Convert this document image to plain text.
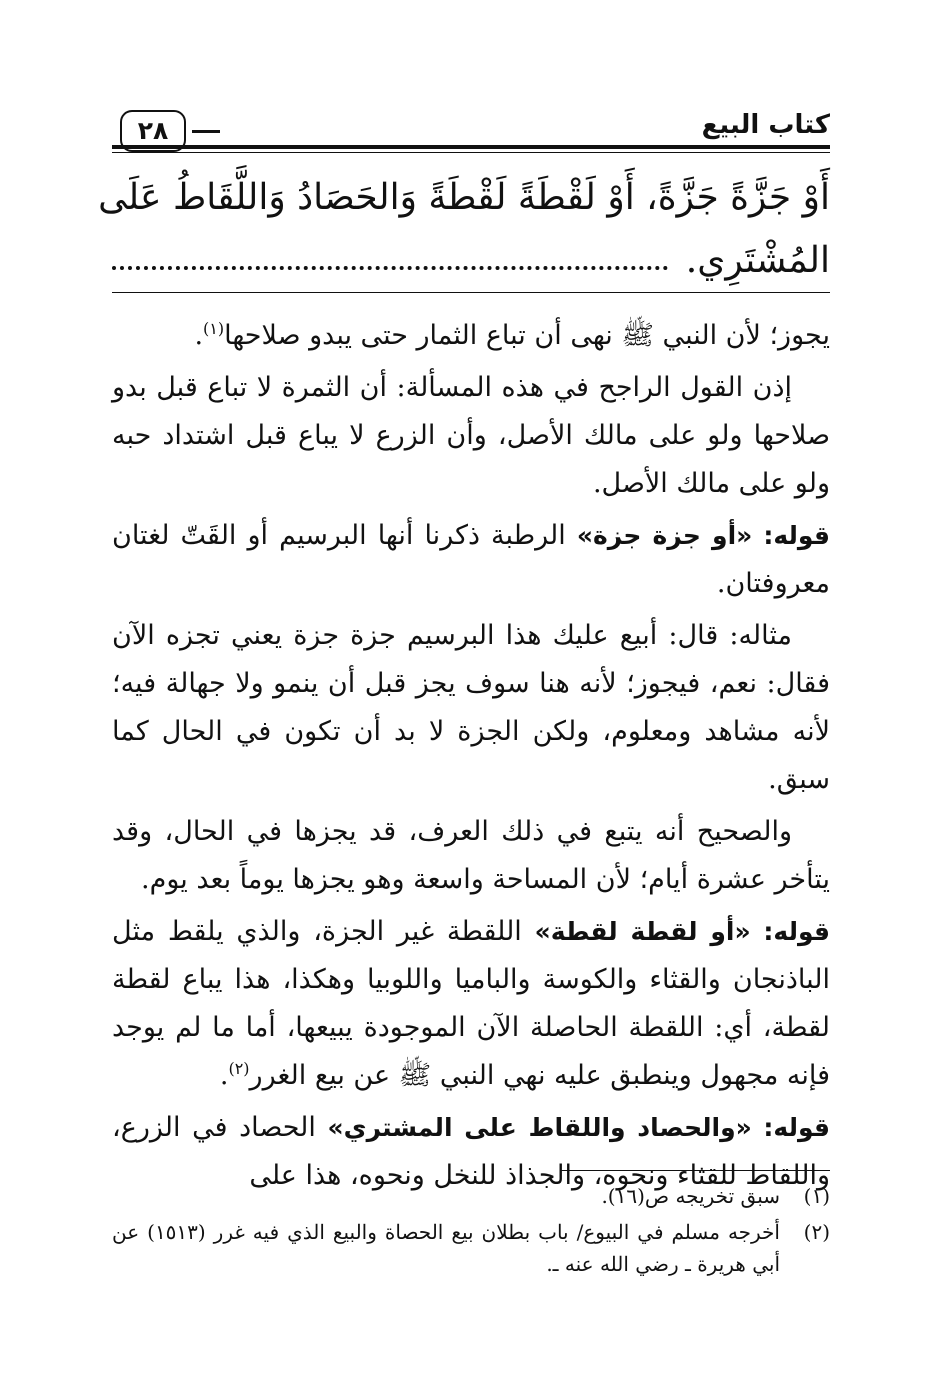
كتاب البيع
٢٨
أَوْ جَزَّةً جَزَّةً، أَوْ لَقْطَةً لَقْطَةً وَالحَصَادُ وَاللَّقَاطُ عَلَى
المُشْتَرِي.

يجوز؛ لأن النبي ﷺ نهى أن تباع الثمار حتى يبدو صلاحها$^{(١)}$.

إذن القول الراجح في هذه المسألة: أن الثمرة لا تباع قبل بدو صلاحها ولو على مالك الأصل، وأن الزرع لا يباع قبل اشتداد حبه ولو على مالك الأصل.

قوله: «أو جزة جزة» الرطبة ذكرنا أنها البرسيم أو القَتّ لغتان معروفتان.

مثاله: قال: أبيع عليك هذا البرسيم جزة جزة يعني تجزه الآن فقال: نعم، فيجوز؛ لأنه هنا سوف يجز قبل أن ينمو ولا جهالة فيه؛ لأنه مشاهد ومعلوم، ولكن الجزة لا بد أن تكون في الحال كما سبق.

والصحيح أنه يتبع في ذلك العرف، قد يجزها في الحال، وقد يتأخر عشرة أيام؛ لأن المساحة واسعة وهو يجزها يوماً بعد يوم.

قوله: «أو لقطة لقطة» اللقطة غير الجزة، والذي يلقط مثل الباذنجان والقثاء والكوسة والباميا واللوبيا وهكذا، هذا يباع لقطة لقطة، أي: اللقطة الحاصلة الآن الموجودة يبيعها، أما ما لم يوجد فإنه مجهول وينطبق عليه نهي النبي ﷺ عن بيع الغرر$^{(٢)}$.

قوله: «والحصاد واللقاط على المشتري» الحصاد في الزرع، واللقاط للقثاء ونحوه، والجذاذ للنخل ونحوه، هذا على

(١)
سبق تخريجه ص(١٦).
(٢)
أخرجه مسلم في البيوع/ باب بطلان بيع الحصاة والبيع الذي فيه غرر (١٥١٣) عن أبي هريرة ـ رضي الله عنه ـ.
